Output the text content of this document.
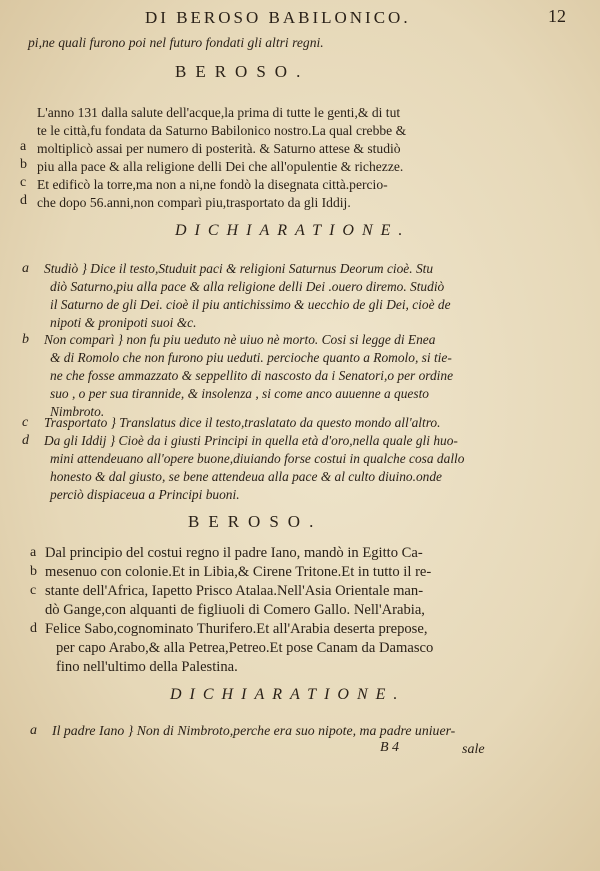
DI BEROSO BABILONICO.	12
pi,ne quali furono poi nel futuro fondati gli altri regni.
BEROSO.
L'anno 131 dalla salute dell'acque,la prima di tutte le genti,& di tut
te le città,fu fondata da Saturno Babilonico nostro.La qual crebbe &
moltiplicò assai per numero di posterità. & Saturno attese & studiò
piu alla pace & alla religione delli Dei che all'opulentie & richezze.
Et edificò la torre,ma non a ni,ne fondò la disegnata città.percio-
che dopo 56.anni,non comparì piu,trasportato da gli Iddij.
a
b
c
d
DICHIARATIONE.
a Studiò } Dice il testo,Studuit paci & religioni Saturnus Deorum cioè. Stu
diò Saturno,piu alla pace & alla religione delli Dei .ouero diremo. Studiò
il Saturno de gli Dei. cioè il piu antichissimo & uecchio de gli Dei, cioè de
nipoti & pronipoti suoi &c.
b Non comparì } non fu piu ueduto nè uiuo nè morto. Cosi si legge di Enea
& di Romolo che non furono piu ueduti. percioche quanto a Romolo, si tie-
ne che fosse ammazzato & seppellito di nascosto da i Senatori,o per ordine
suo , o per sua tirannide, & insolenza , si come anco auuenne a questo
Nimbroto.
c Trasportato } Translatus dice il testo,traslatato da questo mondo all'altro.
d Da gli Iddij } Cioè da i giusti Principi in quella età d'oro,nella quale gli huo-
mini attendeuano all'opere buone,diuiando forse costui in qualche cosa dallo
honesto & dal giusto, se bene attendeua alla pace & al culto diuino.onde
perciò dispiaceua a Principi buoni.
BEROSO.
Dal principio del costui regno il padre Iano, mandò in Egitto Ca-
mesenuo con colonie.Et in Libia,& Cirene Tritone.Et in tutto il re-
stante dell'Africa, Iapetto Prisco Atalaa.Nell'Asia Orientale man-
dò Gange,con alquanti de figliuoli di Comero Gallo. Nell'Arabia,
Felice Sabo,cognominato Thurifero.Et all'Arabia deserta prepose,
per capo Arabo,& alla Petrea,Petreo.Et pose Canam da Damasco
fino nell'ultimo della Palestina.
a
b
c
d
DICHIARATIONE.
a Il padre Iano } Non di Nimbroto,perche era suo nipote, ma padre uniuer-
B 4	sale
